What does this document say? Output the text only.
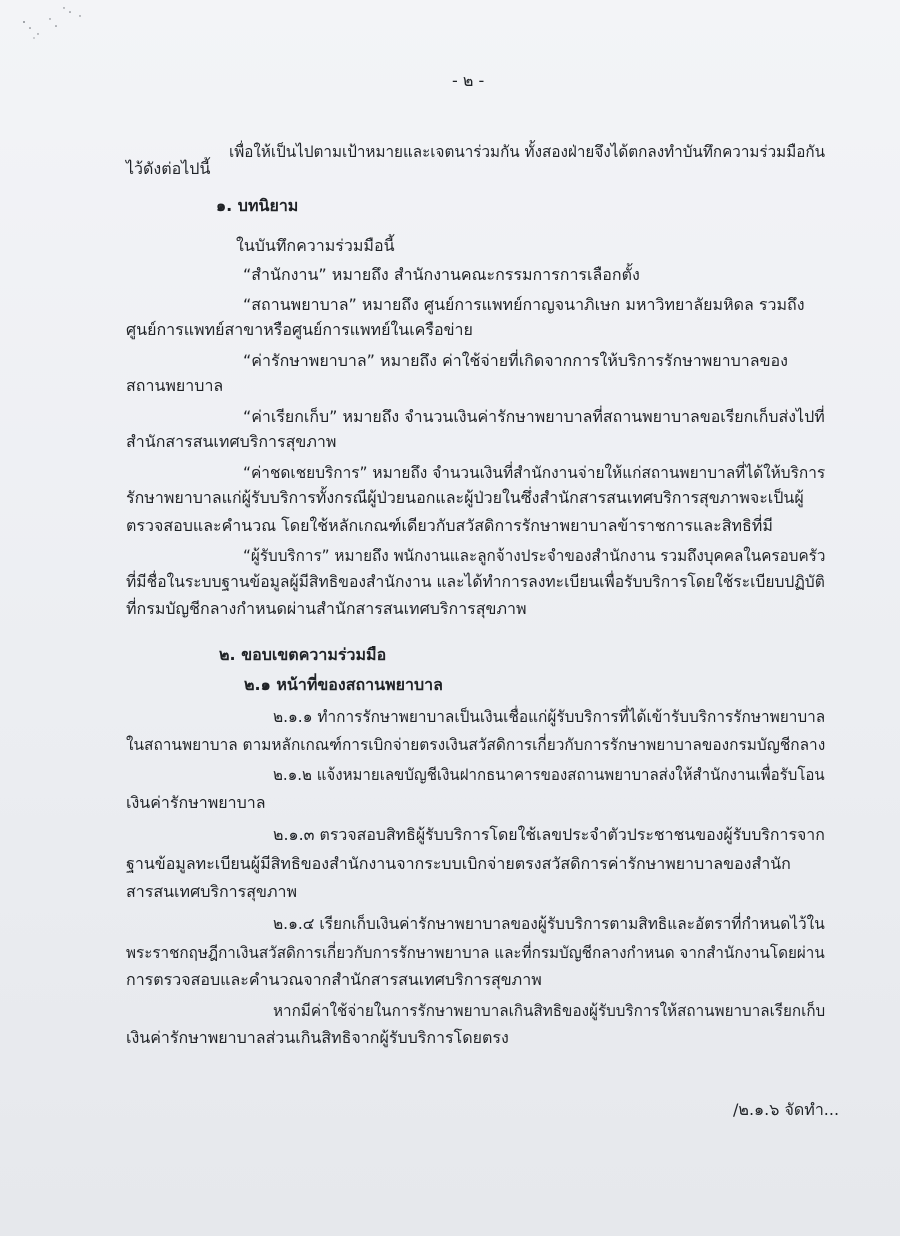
- ๒ -
เพื่อให้เป็นไปตามเป้าหมายและเจตนาร่วมกัน ทั้งสองฝ่ายจึงได้ตกลงทำบันทึกความร่วมมือกัน
ไว้ดังต่อไปนี้
๑. บทนิยาม
ในบันทึกความร่วมมือนี้
“สำนักงาน” หมายถึง สำนักงานคณะกรรมการการเลือกตั้ง
“สถานพยาบาล” หมายถึง ศูนย์การแพทย์กาญจนาภิเษก มหาวิทยาลัยมหิดล รวมถึง
ศูนย์การแพทย์สาขาหรือศูนย์การแพทย์ในเครือข่าย
“ค่ารักษาพยาบาล” หมายถึง ค่าใช้จ่ายที่เกิดจากการให้บริการรักษาพยาบาลของ
สถานพยาบาล
“ค่าเรียกเก็บ” หมายถึง จำนวนเงินค่ารักษาพยาบาลที่สถานพยาบาลขอเรียกเก็บส่งไปที่
สำนักสารสนเทศบริการสุขภาพ
“ค่าชดเชยบริการ” หมายถึง จำนวนเงินที่สำนักงานจ่ายให้แก่สถานพยาบาลที่ได้ให้บริการ
รักษาพยาบาลแก่ผู้รับบริการทั้งกรณีผู้ป่วยนอกและผู้ป่วยในซึ่งสำนักสารสนเทศบริการสุขภาพจะเป็นผู้
ตรวจสอบและคำนวณ โดยใช้หลักเกณฑ์เดียวกับสวัสดิการรักษาพยาบาลข้าราชการและสิทธิที่มี
“ผู้รับบริการ” หมายถึง พนักงานและลูกจ้างประจำของสำนักงาน รวมถึงบุคคลในครอบครัว
ที่มีชื่อในระบบฐานข้อมูลผู้มีสิทธิของสำนักงาน และได้ทำการลงทะเบียนเพื่อรับบริการโดยใช้ระเบียบปฏิบัติ
ที่กรมบัญชีกลางกำหนดผ่านสำนักสารสนเทศบริการสุขภาพ
๒. ขอบเขตความร่วมมือ
๒.๑ หน้าที่ของสถานพยาบาล
๒.๑.๑ ทำการรักษาพยาบาลเป็นเงินเชื่อแก่ผู้รับบริการที่ได้เข้ารับบริการรักษาพยาบาล
ในสถานพยาบาล ตามหลักเกณฑ์การเบิกจ่ายตรงเงินสวัสดิการเกี่ยวกับการรักษาพยาบาลของกรมบัญชีกลาง
๒.๑.๒ แจ้งหมายเลขบัญชีเงินฝากธนาคารของสถานพยาบาลส่งให้สำนักงานเพื่อรับโอน
เงินค่ารักษาพยาบาล
๒.๑.๓ ตรวจสอบสิทธิผู้รับบริการโดยใช้เลขประจำตัวประชาชนของผู้รับบริการจาก
ฐานข้อมูลทะเบียนผู้มีสิทธิของสำนักงานจากระบบเบิกจ่ายตรงสวัสดิการค่ารักษาพยาบาลของสำนัก
สารสนเทศบริการสุขภาพ
๒.๑.๔ เรียกเก็บเงินค่ารักษาพยาบาลของผู้รับบริการตามสิทธิและอัตราที่กำหนดไว้ใน
พระราชกฤษฎีกาเงินสวัสดิการเกี่ยวกับการรักษาพยาบาล และที่กรมบัญชีกลางกำหนด จากสำนักงานโดยผ่าน
การตรวจสอบและคำนวณจากสำนักสารสนเทศบริการสุขภาพ
หากมีค่าใช้จ่ายในการรักษาพยาบาลเกินสิทธิของผู้รับบริการให้สถานพยาบาลเรียกเก็บ
เงินค่ารักษาพยาบาลส่วนเกินสิทธิจากผู้รับบริการโดยตรง
/๒.๑.๖ จัดทำ...
